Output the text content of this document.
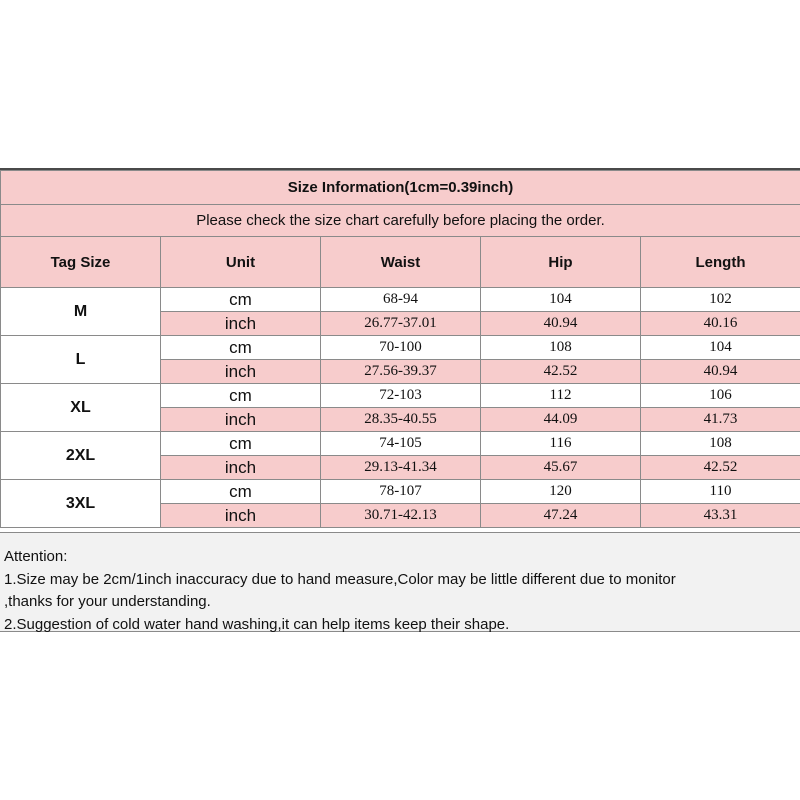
Size Information(1cm=0.39inch)				
Please check the size chart carefully before placing the order.				
Tag Size	Unit	Waist	Hip	Length
M	cm	68-94	104	102
	inch	26.77-37.01	40.94	40.16
L	cm	70-100	108	104
	inch	27.56-39.37	42.52	40.94
XL	cm	72-103	112	106
	inch	28.35-40.55	44.09	41.73
2XL	cm	74-105	116	108
	inch	29.13-41.34	45.67	42.52
3XL	cm	78-107	120	110
	inch	30.71-42.13	47.24	43.31
Attention:
1.Size may be 2cm/1inch inaccuracy due to hand measure,Color may be little different due to monitor
,thanks for your understanding.
2.Suggestion of cold water hand washing,it can help items keep their shape.
